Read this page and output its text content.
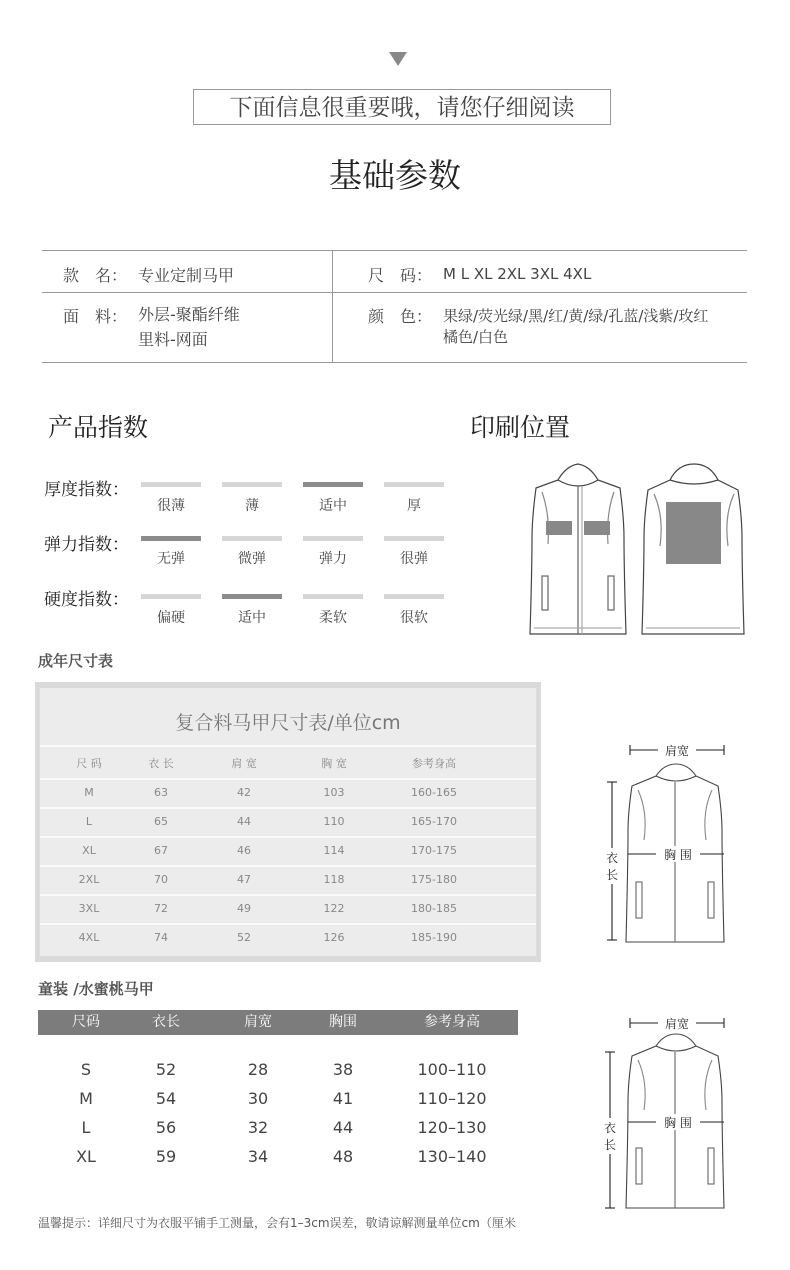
下面信息很重要哦，请您仔细阅读
基础参数
款　名： 专业定制马甲	尺　码： M L XL 2XL 3XL 4XL
面　料： 外层-聚酯纤维
里料-网面
颜　色： 果绿/荧光绿/黑/红/黄/绿/孔蓝/浅紫/玫红
橘色/白色
产品指数	印刷位置
厚度指数：
很薄	薄	适中	厚
弹力指数：
无弹	微弹	弹力	很弹
硬度指数：
偏硬	适中	柔软	很软
成年尺寸表
复合料马甲尺寸表/单位cm
尺 码	衣 长	肩 宽	胸 宽	参考身高
M	63	42	103	160-165
L	65	44	110	165-170
XL	67	46	114	170-175
2XL	70	47	118	175-180
3XL	72	49	122	180-185
4XL	74	52	126	185-190
肩宽
胸 围
衣
长
童装 /水蜜桃马甲
尺码	衣长	肩宽	胸围	参考身高
S	52	28	38	100–110
M	54	30	41	110–120
L	56	32	44	120–130
XL	59	34	48	130–140
肩宽
胸 围
衣
长
温馨提示：详细尺寸为衣服平铺手工测量，会有1–3cm误差，敬请谅解测量单位cm（厘米
